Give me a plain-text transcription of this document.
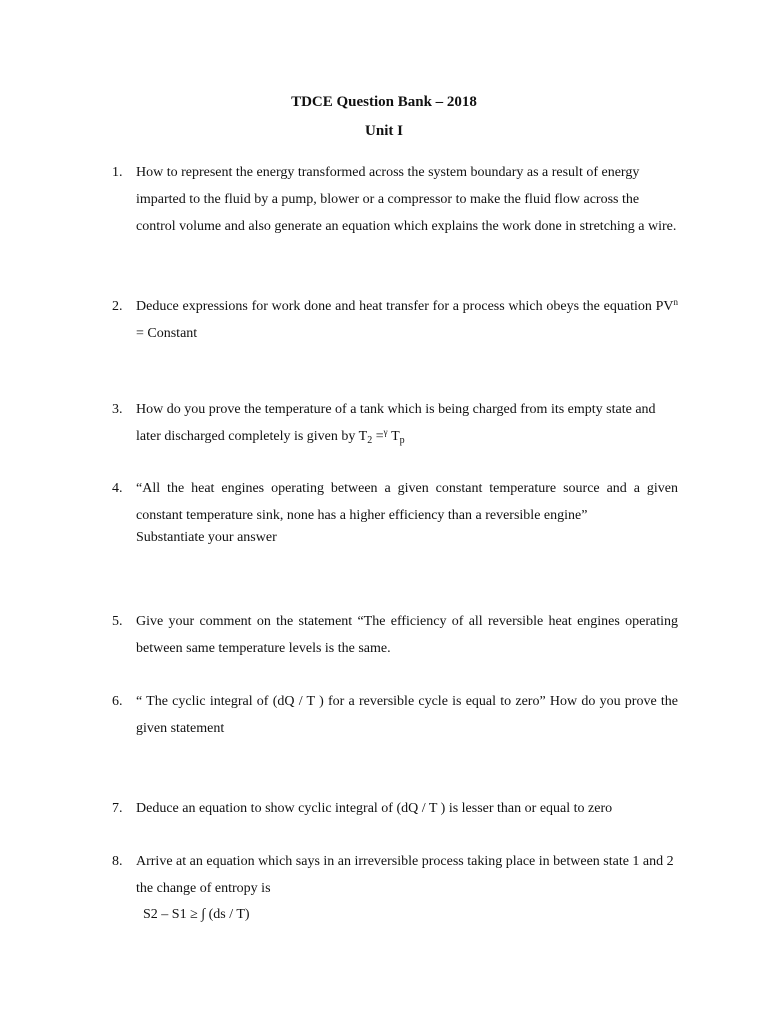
TDCE Question Bank – 2018
Unit I
1. How to represent the energy transformed across the system boundary as a result of energy imparted to the fluid by a pump, blower or a compressor to make the fluid flow across the control volume and also generate an equation which explains the work done in stretching a wire.
2. Deduce expressions for work done and heat transfer for a process which obeys the equation $PV^n$ = Constant
3. How do you prove the temperature of a tank which is being charged from its empty state and later discharged completely is given by $T_2 =^\gamma$ $T_p$
4. “All the heat engines operating between a given constant temperature source and a given constant temperature sink, none has a higher efficiency than a reversible engine”
Substantiate your answer
5. Give your comment on the statement “The efficiency of all reversible heat engines operating between same temperature levels is the same.
6. “ The cyclic integral of (dQ / T ) for a reversible cycle is equal to zero” How do you prove the given statement
7. Deduce an equation to show cyclic integral of (dQ / T ) is lesser than or equal to zero
8. Arrive at an equation which says in an irreversible process taking place in between state 1 and 2 the change of entropy is
S2 – S1 ≥ ∫ (ds / T)
